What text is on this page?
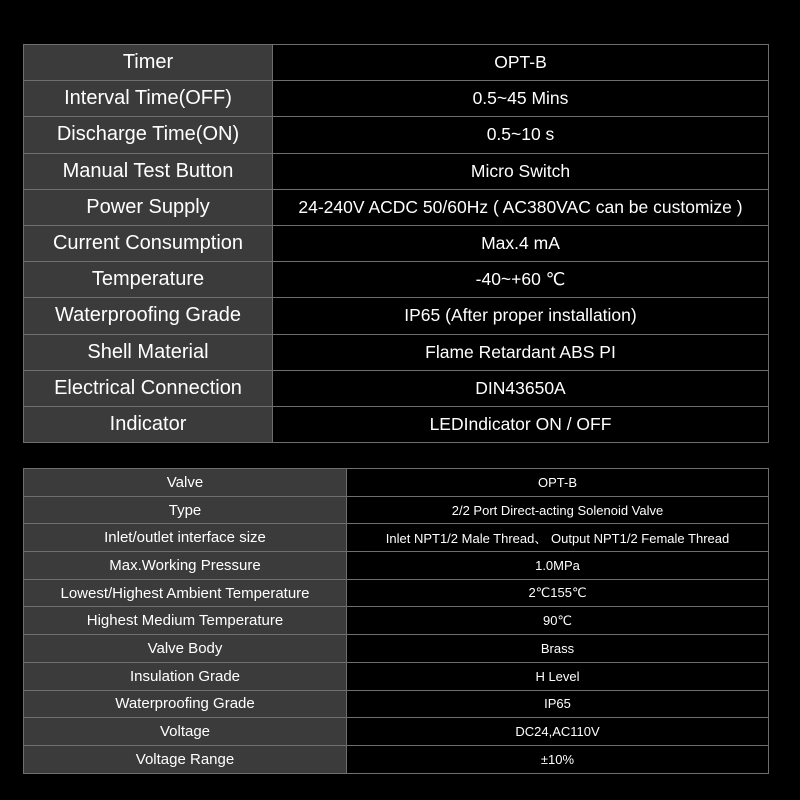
Timer	OPT-B
Interval Time(OFF)	0.5~45 Mins
Discharge Time(ON)	0.5~10 s
Manual Test Button	Micro Switch
Power Supply	24-240V ACDC 50/60Hz ( AC380VAC can be customize )
Current Consumption	Max.4 mA
Temperature	-40~+60 ℃
Waterproofing Grade	IP65 (After proper installation)
Shell Material	Flame Retardant ABS PI
Electrical Connection	DIN43650A
Indicator	LEDIndicator ON / OFF
Valve	OPT-B
Type	2/2 Port Direct-acting Solenoid Valve
Inlet/outlet interface size	Inlet NPT1/2 Male Thread、 Output NPT1/2 Female Thread
Max.Working Pressure	1.0MPa
Lowest/Highest Ambient Temperature	2℃155℃
Highest Medium Temperature	90℃
Valve Body	Brass
Insulation Grade	H Level
Waterproofing Grade	IP65
Voltage	DC24,AC110V
Voltage Range	±10%
